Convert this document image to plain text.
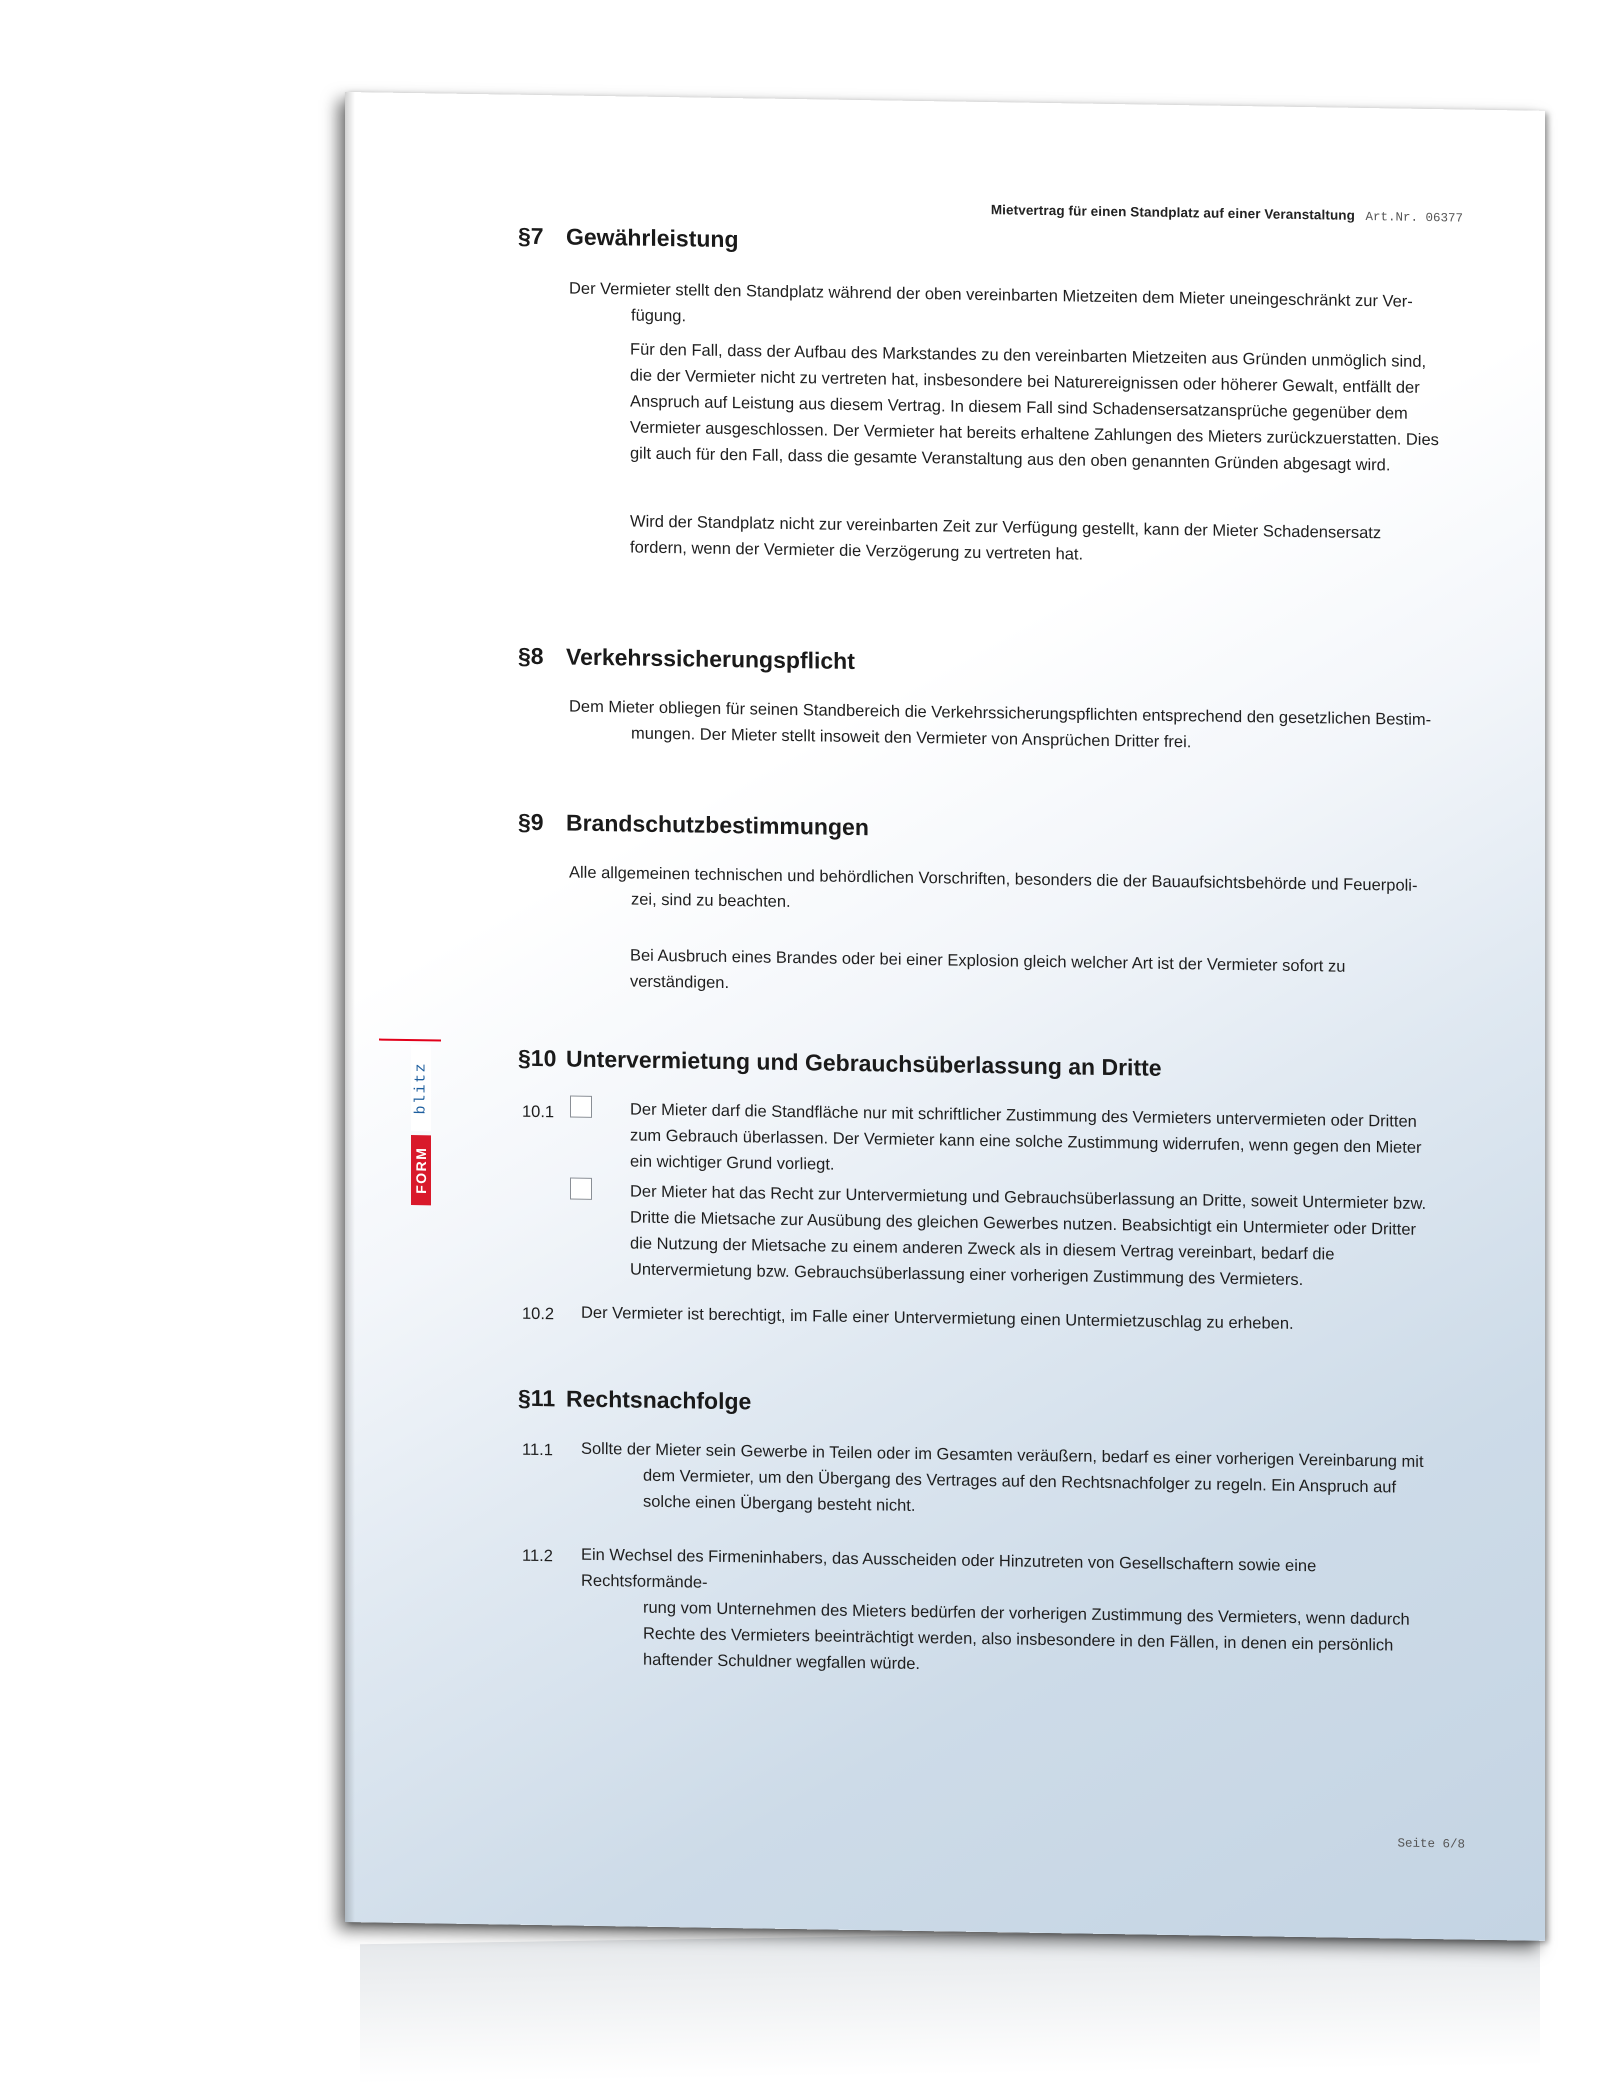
Mietvertrag für einen Standplatz auf einer Veranstaltung Art.Nr. 06377
blitz
FORM
§7 Gewährleistung
Der Vermieter stellt den Standplatz während der oben vereinbarten Mietzeiten dem Mieter uneingeschränkt zur Ver-
fügung.
Für den Fall, dass der Aufbau des Markstandes zu den vereinbarten Mietzeiten aus Gründen unmöglich sind, die der Vermieter nicht zu vertreten hat, insbesondere bei Naturereignissen oder höherer Gewalt, entfällt der Anspruch auf Leistung aus diesem Vertrag. In diesem Fall sind Schadensersatzansprüche gegenüber dem Vermieter ausgeschlossen. Der Vermieter hat bereits erhaltene Zahlungen des Mieters zurückzuerstatten. Dies gilt auch für den Fall, dass die gesamte Veranstaltung aus den oben genannten Gründen abgesagt wird.
Wird der Standplatz nicht zur vereinbarten Zeit zur Verfügung gestellt, kann der Mieter Schadensersatz fordern, wenn der Vermieter die Verzögerung zu vertreten hat.
§8 Verkehrssicherungspflicht
Dem Mieter obliegen für seinen Standbereich die Verkehrssicherungspflichten entsprechend den gesetzlichen Bestim-
mungen. Der Mieter stellt insoweit den Vermieter von Ansprüchen Dritter frei.
§9 Brandschutzbestimmungen
Alle allgemeinen technischen und behördlichen Vorschriften, besonders die der Bauaufsichtsbehörde und Feuerpoli-
zei, sind zu beachten.
Bei Ausbruch eines Brandes oder bei einer Explosion gleich welcher Art ist der Vermieter sofort zu verständigen.
§10 Untervermietung und Gebrauchsüberlassung an Dritte
10.1	Der Mieter darf die Standfläche nur mit schriftlicher Zustimmung des Vermieters untervermieten oder Dritten zum Gebrauch überlassen. Der Vermieter kann eine solche Zustimmung widerrufen, wenn gegen den Mieter ein wichtiger Grund vorliegt.
Der Mieter hat das Recht zur Untervermietung und Gebrauchsüberlassung an Dritte, soweit Untermieter bzw. Dritte die Mietsache zur Ausübung des gleichen Gewerbes nutzen. Beabsichtigt ein Untermieter oder Dritter die Nutzung der Mietsache zu einem anderen Zweck als in diesem Vertrag vereinbart, bedarf die Untervermietung bzw. Gebrauchsüberlassung einer vorherigen Zustimmung des Vermieters.
10.2 Der Vermieter ist berechtigt, im Falle einer Untervermietung einen Untermietzuschlag zu erheben.
§11 Rechtsnachfolge
11.1 Sollte der Mieter sein Gewerbe in Teilen oder im Gesamten veräußern, bedarf es einer vorherigen Vereinbarung mit
dem Vermieter, um den Übergang des Vertrages auf den Rechtsnachfolger zu regeln. Ein Anspruch auf solche einen Übergang besteht nicht.
11.2 Ein Wechsel des Firmeninhabers, das Ausscheiden oder Hinzutreten von Gesellschaftern sowie eine Rechtsformände-
rung vom Unternehmen des Mieters bedürfen der vorherigen Zustimmung des Vermieters, wenn dadurch Rechte des Vermieters beeinträchtigt werden, also insbesondere in den Fällen, in denen ein persönlich haftender Schuldner wegfallen würde.
Seite 6/8
